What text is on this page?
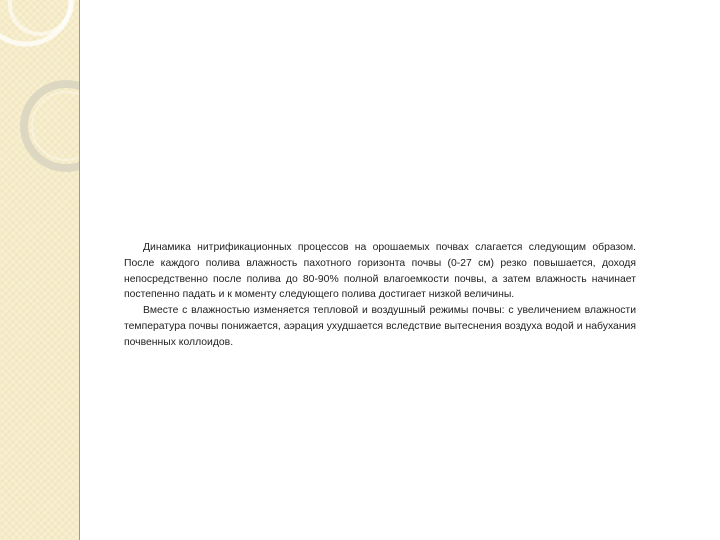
Динамика нитрификационных процессов на орошаемых почвах слагается следующим образом. После каждого полива влажность пахотного горизонта почвы (0-27 см) резко повышается, доходя непосредственно после полива до 80-90% полной влагоемкости почвы, а затем влажность начинает постепенно падать и к моменту следующего полива достигает низкой величины.

Вместе с влажностью изменяется тепловой и воздушный режимы почвы: с увеличением влажности температура почвы понижается, аэрация ухудшается вследствие вытеснения воздуха водой и набухания почвенных коллоидов.
